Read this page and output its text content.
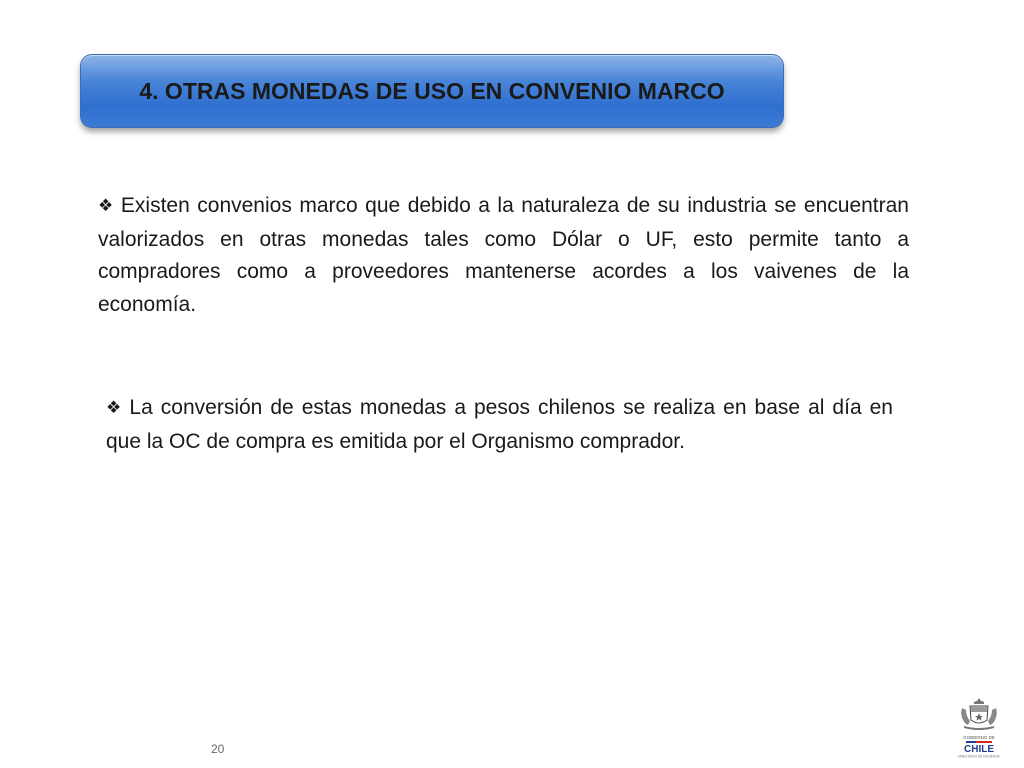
4. OTRAS MONEDAS DE USO EN CONVENIO MARCO
❖ Existen convenios marco que debido a la naturaleza de su industria se encuentran valorizados en otras monedas tales como Dólar o UF, esto permite tanto a compradores como a proveedores mantenerse acordes a los vaivenes de la economía.
❖ La conversión de estas monedas a pesos chilenos se realiza en base al día en que la OC de compra es emitida por el Organismo comprador.
20
GOBIERNO DE
CHILE
MINISTERIO DE HACIENDA
